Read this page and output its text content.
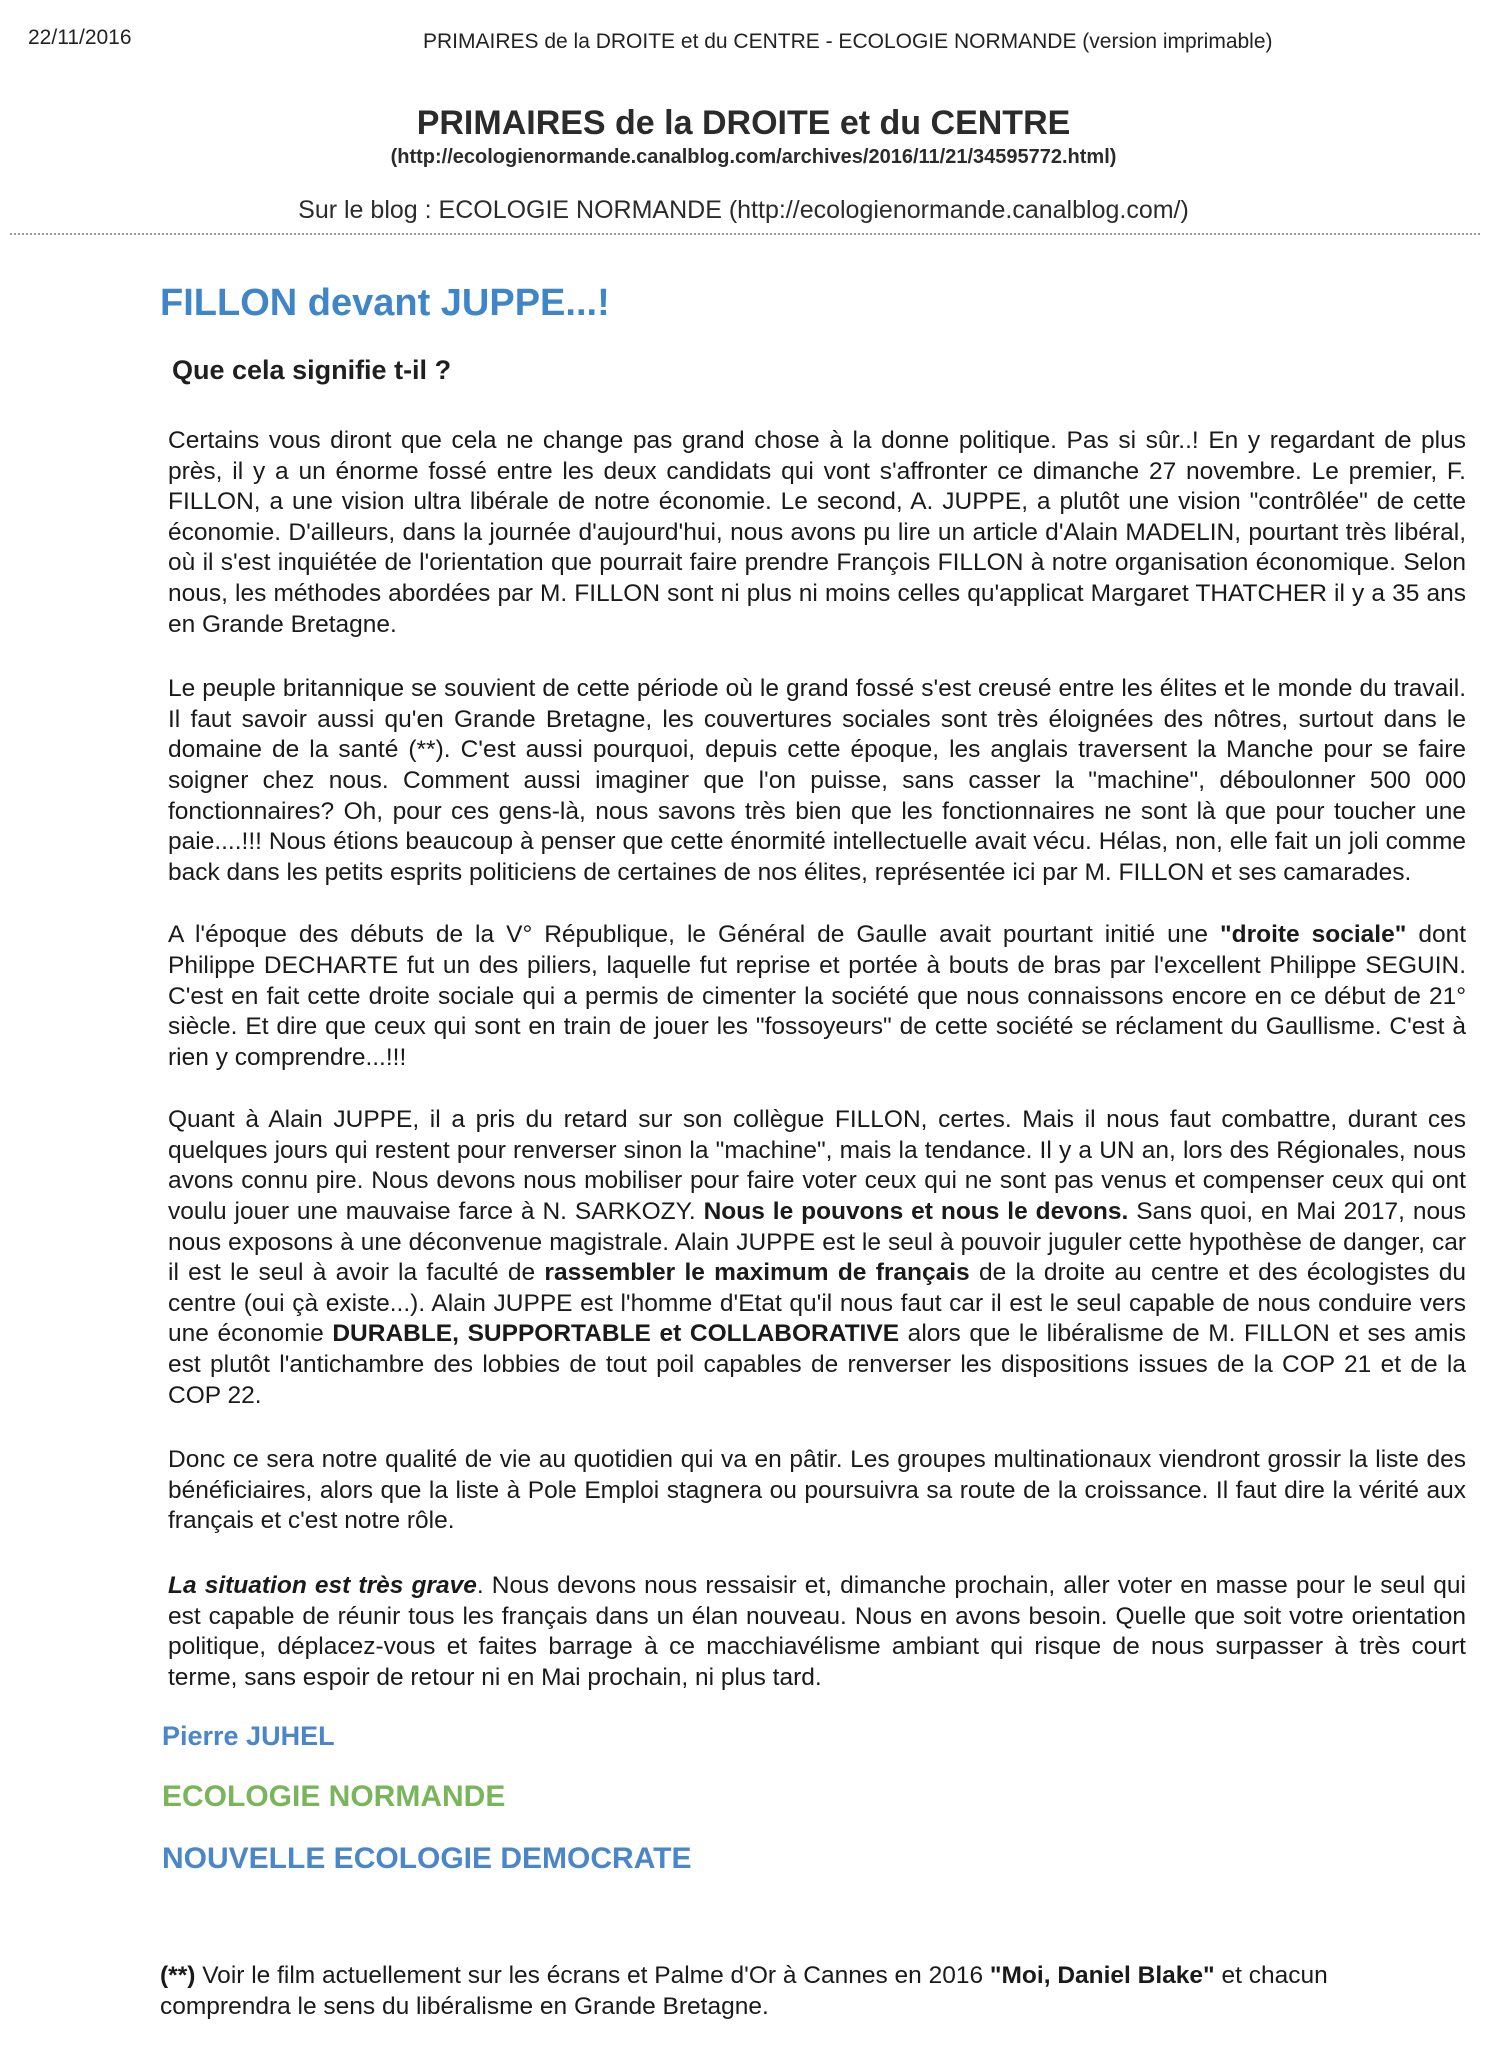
22/11/2016	PRIMAIRES de la DROITE et du CENTRE - ECOLOGIE NORMANDE (version imprimable)
PRIMAIRES de la DROITE et du CENTRE
(http://ecologienormande.canalblog.com/archives/2016/11/21/34595772.html)
Sur le blog : ECOLOGIE NORMANDE (http://ecologienormande.canalblog.com/)
FILLON devant JUPPE...!
Que cela signifie t-il ?

Certains vous diront que cela ne change pas grand chose à la donne politique. Pas si sûr..! En y regardant de plus près, il y a un énorme fossé entre les deux candidats qui vont s'affronter ce dimanche 27 novembre. Le premier, F. FILLON, a une vision ultra libérale de notre économie. Le second, A. JUPPE, a plutôt une vision "contrôlée" de cette économie. D'ailleurs, dans la journée d'aujourd'hui, nous avons pu lire un article d'Alain MADELIN, pourtant très libéral, où il s'est inquiétée de l'orientation que pourrait faire prendre François FILLON à notre organisation économique. Selon nous, les méthodes abordées par M. FILLON sont ni plus ni moins celles qu'applicat Margaret THATCHER il y a 35 ans en Grande Bretagne.

Le peuple britannique se souvient de cette période où le grand fossé s'est creusé entre les élites et le monde du travail. Il faut savoir aussi qu'en Grande Bretagne, les couvertures sociales sont très éloignées des nôtres, surtout dans le domaine de la santé (**). C'est aussi pourquoi, depuis cette époque, les anglais traversent la Manche pour se faire soigner chez nous. Comment aussi imaginer que l'on puisse, sans casser la "machine", déboulonner 500 000 fonctionnaires? Oh, pour ces gens-là, nous savons très bien que les fonctionnaires ne sont là que pour toucher une paie....!!! Nous étions beaucoup à penser que cette énormité intellectuelle avait vécu. Hélas, non, elle fait un joli comme back dans les petits esprits politiciens de certaines de nos élites, représentée ici par M. FILLON et ses camarades.

A l'époque des débuts de la V° République, le Général de Gaulle avait pourtant initié une "droite sociale" dont Philippe DECHARTE fut un des piliers, laquelle fut reprise et portée à bouts de bras par l'excellent Philippe SEGUIN. C'est en fait cette droite sociale qui a permis de cimenter la société que nous connaissons encore en ce début de 21° siècle. Et dire que ceux qui sont en train de jouer les "fossoyeurs" de cette société se réclament du Gaullisme. C'est à rien y comprendre...!!!

Quant à Alain JUPPE, il a pris du retard sur son collègue FILLON, certes. Mais il nous faut combattre, durant ces quelques jours qui restent pour renverser sinon la "machine", mais la tendance. Il y a UN an, lors des Régionales, nous avons connu pire. Nous devons nous mobiliser pour faire voter ceux qui ne sont pas venus et compenser ceux qui ont voulu jouer une mauvaise farce à N. SARKOZY. Nous le pouvons et nous le devons. Sans quoi, en Mai 2017, nous nous exposons à une déconvenue magistrale. Alain JUPPE est le seul à pouvoir juguler cette hypothèse de danger, car il est le seul à avoir la faculté de rassembler le maximum de français de la droite au centre et des écologistes du centre (oui çà existe...). Alain JUPPE est l'homme d'Etat qu'il nous faut car il est le seul capable de nous conduire vers une économie DURABLE, SUPPORTABLE et COLLABORATIVE alors que le libéralisme de M. FILLON et ses amis est plutôt l'antichambre des lobbies de tout poil capables de renverser les dispositions issues de la COP 21 et de la COP 22.

Donc ce sera notre qualité de vie au quotidien qui va en pâtir. Les groupes multinationaux viendront grossir la liste des bénéficiaires, alors que la liste à Pole Emploi stagnera ou poursuivra sa route de la croissance. Il faut dire la vérité aux français et c'est notre rôle.

La situation est très grave. Nous devons nous ressaisir et, dimanche prochain, aller voter en masse pour le seul qui est capable de réunir tous les français dans un élan nouveau. Nous en avons besoin. Quelle que soit votre orientation politique, déplacez-vous et faites barrage à ce macchiavélisme ambiant qui risque de nous surpasser à très court terme, sans espoir de retour ni en Mai prochain, ni plus tard.

Pierre JUHEL
ECOLOGIE NORMANDE
NOUVELLE ECOLOGIE DEMOCRATE
(**) Voir le film actuellement sur les écrans et Palme d'Or à Cannes en 2016 "Moi, Daniel Blake" et chacun comprendra le sens du libéralisme en Grande Bretagne.
